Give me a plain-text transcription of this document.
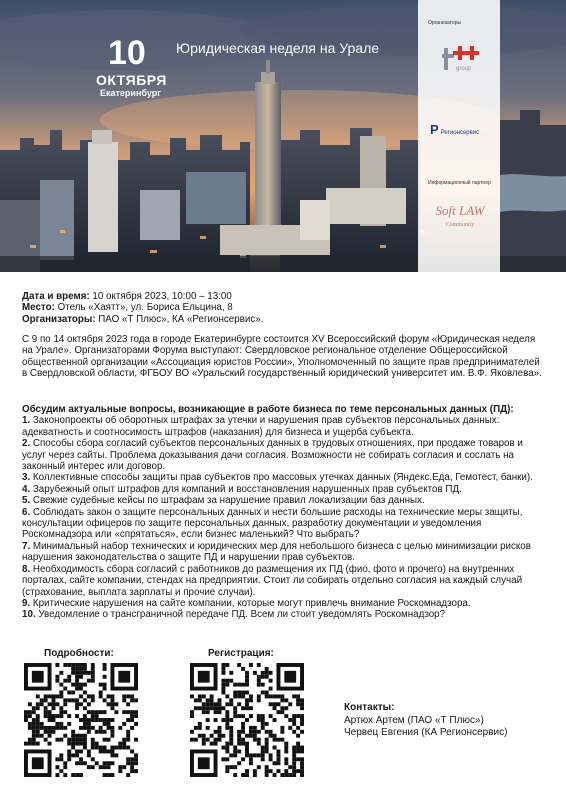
10
ОКТЯБРЯ
Екатеринбург
Юридическая неделя на Урале
Организаторы
group
P Регионсервис
Информационный партнер
Soft LAW
Community

Дата и время: 10 октября 2023, 10:00 – 13:00

Место: Отель «Хаятт», ул. Бориса Ельцина, 8

Организаторы: ПАО «Т Плюс», КА «Регионсервис».

С 9 по 14 октября 2023 года в городе Екатеринбурге состоится XV Всероссийский форум «Юридическая неделя на Урале». Организаторами Форума выступают: Свердловское региональное отделение Общероссийской общественной организации «Ассоциация юристов России», Уполномоченный по защите прав предпринимателей в Свердловской области, ФГБОУ ВО «Уральский государственный юридический университет им. В.Ф. Яковлева».

Обсудим актуальные вопросы, возникающие в работе бизнеса по теме персональных данных (ПД):

1. Законопроекты об оборотных штрафах за утечки и нарушения прав субъектов персональных данных: адекватность и соотносимость штрафов (наказания) для бизнеса и ущерба субъекта.
2. Способы сбора согласий субъектов персональных данных в трудовых отношениях, при продаже товаров и услуг через сайты. Проблема доказывания дачи согласия. Возможности не собирать согласия и сослать на законный интерес или договор.
3. Коллективные способы защиты прав субъектов про массовых утечках данных (Яндекс.Еда, Гемотест, банки).
4. Зарубежный опыт штрафов для компаний и восстановления нарушенных прав субъектов ПД.
5. Свежие судебные кейсы по штрафам за нарушение правил локализации баз данных.
6. Соблюдать закон о защите персональных данных и нести большие расходы на технические меры защиты, консультации офицеров по защите персональных данных, разработку документации и уведомления Роскомнадзора или «спрятаться», если бизнес маленький? Что выбрать?
7. Минимальный набор технических и юридических мер для небольшого бизнеса с целью минимизации рисков нарушения законодательства о защите ПД и нарушении прав субъектов.
8. Необходимость сбора согласий с работников до размещения их ПД (фио, фото и прочего) на внутренних порталах, сайте компании, стендах на предприятии. Стоит ли собирать отдельно согласия на каждый случай (страхование, выплата зарплаты и прочие случаи).
9. Критические нарушения на сайте компании, которые могут привлечь внимание Роскомнадзора.
10. Уведомление о трансграничной передаче ПД. Всем ли стоит уведомлять Роскомнадзор?
Подробности:	Регистрация:
Контакты:
Артюх Артем (ПАО «Т Плюс»)
Червец Евгения (КА Регионсервис)
